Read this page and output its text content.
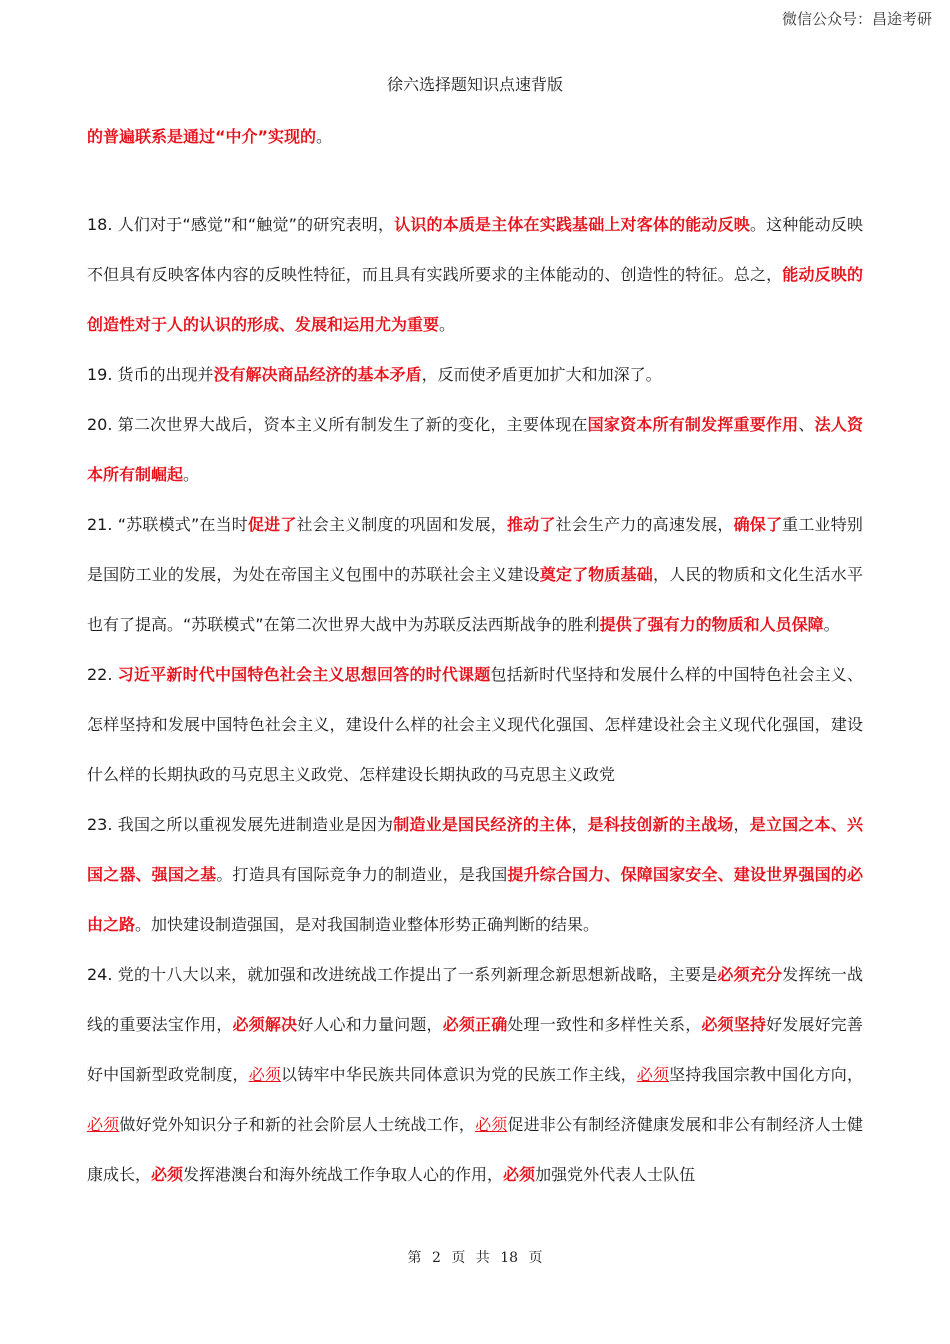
微信公众号：昌途考研
徐六选择题知识点速背版

的普遍联系是通过“中介”实现的。

18. 人们对于“感觉”和“触觉”的研究表明，认识的本质是主体在实践基础上对客体的能动反映。这种能动反映不但具有反映客体内容的反映性特征，而且具有实践所要求的主体能动的、创造性的特征。总之，能动反映的创造性对于人的认识的形成、发展和运用尤为重要。

19. 货币的出现并没有解决商品经济的基本矛盾，反而使矛盾更加扩大和加深了。

20. 第二次世界大战后，资本主义所有制发生了新的变化，主要体现在国家资本所有制发挥重要作用、法人资本所有制崛起。

21. “苏联模式”在当时促进了社会主义制度的巩固和发展，推动了社会生产力的高速发展，确保了重工业特别是国防工业的发展，为处在帝国主义包围中的苏联社会主义建设奠定了物质基础，人民的物质和文化生活水平也有了提高。“苏联模式”在第二次世界大战中为苏联反法西斯战争的胜利提供了强有力的物质和人员保障。

22. 习近平新时代中国特色社会主义思想回答的时代课题包括新时代坚持和发展什么样的中国特色社会主义、怎样坚持和发展中国特色社会主义，建设什么样的社会主义现代化强国、怎样建设社会主义现代化强国，建设什么样的长期执政的马克思主义政党、怎样建设长期执政的马克思主义政党

23. 我国之所以重视发展先进制造业是因为制造业是国民经济的主体，是科技创新的主战场，是立国之本、兴国之器、强国之基。打造具有国际竞争力的制造业，是我国提升综合国力、保障国家安全、建设世界强国的必由之路。加快建设制造强国，是对我国制造业整体形势正确判断的结果。

24. 党的十八大以来，就加强和改进统战工作提出了一系列新理念新思想新战略，主要是必须充分发挥统一战线的重要法宝作用，必须解决好人心和力量问题，必须正确处理一致性和多样性关系，必须坚持好发展好完善好中国新型政党制度，必须以铸牢中华民族共同体意识为党的民族工作主线，必须坚持我国宗教中国化方向，必须做好党外知识分子和新的社会阶层人士统战工作，必须促进非公有制经济健康发展和非公有制经济人士健康成长，必须发挥港澳台和海外统战工作争取人心的作用，必须加强党外代表人士队伍

第 2 页 共 18 页
